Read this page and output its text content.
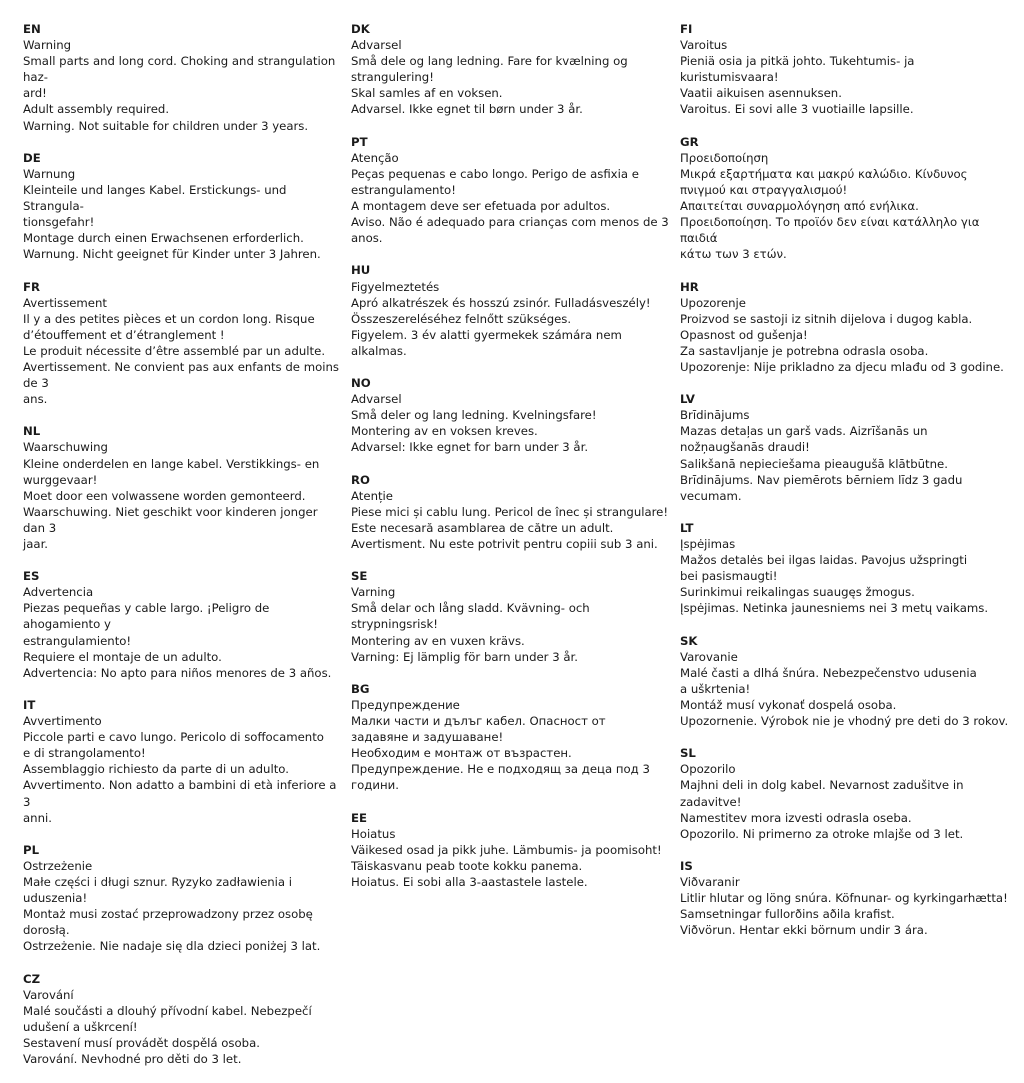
EN
Warning
Small parts and long cord. Choking and strangulation haz-
ard!
Adult assembly required.
Warning. Not suitable for children under 3 years.
DE
Warnung
Kleinteile und langes Kabel. Erstickungs- und Strangula-
tionsgefahr!
Montage durch einen Erwachsenen erforderlich.
Warnung. Nicht geeignet für Kinder unter 3 Jahren.
FR
Avertissement
Il y a des petites pièces et un cordon long. Risque
d’étouffement et d’étranglement !
Le produit nécessite d’être assemblé par un adulte.
Avertissement. Ne convient pas aux enfants de moins de 3
ans.
NL
Waarschuwing
Kleine onderdelen en lange kabel. Verstikkings- en
wurggevaar!
Moet door een volwassene worden gemonteerd.
Waarschuwing. Niet geschikt voor kinderen jonger dan 3
jaar.
ES
Advertencia
Piezas pequeñas y cable largo. ¡Peligro de ahogamiento y
estrangulamiento!
Requiere el montaje de un adulto.
Advertencia: No apto para niños menores de 3 años.
IT
Avvertimento
Piccole parti e cavo lungo. Pericolo di soffocamento
e di strangolamento!
Assemblaggio richiesto da parte di un adulto.
Avvertimento. Non adatto a bambini di età inferiore a 3
anni.
PL
Ostrzeżenie
Małe części i długi sznur. Ryzyko zadławienia i uduszenia!
Montaż musi zostać przeprowadzony przez osobę
dorosłą.
Ostrzeżenie. Nie nadaje się dla dzieci poniżej 3 lat.
CZ
Varování
Malé součásti a dlouhý přívodní kabel. Nebezpečí
udušení a uškrcení!
Sestavení musí provádět dospělá osoba.
Varování. Nevhodné pro děti do 3 let.
DK
Advarsel
Små dele og lang ledning. Fare for kvælning og
strangulering!
Skal samles af en voksen.
Advarsel. Ikke egnet til børn under 3 år.
PT
Atenção
Peças pequenas e cabo longo. Perigo de asfixia e
estrangulamento!
A montagem deve ser efetuada por adultos.
Aviso. Não é adequado para crianças com menos de 3
anos.
HU
Figyelmeztetés
Apró alkatrészek és hosszú zsinór. Fulladásveszély!
Összeszereléséhez felnőtt szükséges.
Figyelem. 3 év alatti gyermekek számára nem alkalmas.
NO
Advarsel
Små deler og lang ledning. Kvelningsfare!
Montering av en voksen kreves.
Advarsel: Ikke egnet for barn under 3 år.
RO
Atenție
Piese mici și cablu lung. Pericol de înec și strangulare!
Este necesară asamblarea de către un adult.
Avertisment. Nu este potrivit pentru copiii sub 3 ani.
SE
Varning
Små delar och lång sladd. Kvävning- och strypningsrisk!
Montering av en vuxen krävs.
Varning: Ej lämplig för barn under 3 år.
BG
Предупреждение
Малки части и дълъг кабел. Опасност от
задавяне и задушаване!
Необходим е монтаж от възрастен.
Предупреждение. Не е подходящ за деца под 3 години.
EE
Hoiatus
Väikesed osad ja pikk juhe. Lämbumis- ja poomisoht!
Täiskasvanu peab toote kokku panema.
Hoiatus. Ei sobi alla 3-aastastele lastele.
FI
Varoitus
Pieniä osia ja pitkä johto. Tukehtumis- ja kuristumisvaara!
Vaatii aikuisen asennuksen.
Varoitus. Ei sovi alle 3 vuotiaille lapsille.
GR
Προειδοποίηση
Μικρά εξαρτήματα και μακρύ καλώδιο. Κίνδυνος
πνιγμού και στραγγαλισμού!
Απαιτείται συναρμολόγηση από ενήλικα.
Προειδοποίηση. Το προϊόν δεν είναι κατάλληλο για παιδιά
κάτω των 3 ετών.
HR
Upozorenje
Proizvod se sastoji iz sitnih dijelova i dugog kabla.
Opasnost od gušenja!
Za sastavljanje je potrebna odrasla osoba.
Upozorenje: Nije prikladno za djecu mlađu od 3 godine.
LV
Brīdinājums
Mazas detaļas un garš vads. Aizrīšanās un
nožņaugšanās draudi!
Salikšanā nepieciešama pieaugušā klātbūtne.
Brīdinājums. Nav piemērots bērniem līdz 3 gadu vecumam.
LT
Įspėjimas
Mažos detalės bei ilgas laidas. Pavojus užspringti
bei pasismaugti!
Surinkimui reikalingas suaugęs žmogus.
Įspėjimas. Netinka jaunesniems nei 3 metų vaikams.
SK
Varovanie
Malé časti a dlhá šnúra. Nebezpečenstvo udusenia
a uškrtenia!
Montáž musí vykonať dospelá osoba.
Upozornenie. Výrobok nie je vhodný pre deti do 3 rokov.
SL
Opozorilo
Majhni deli in dolg kabel. Nevarnost zadušitve in
zadavitve!
Namestitev mora izvesti odrasla oseba.
Opozorilo. Ni primerno za otroke mlajše od 3 let.
IS
Viðvaranir
Litlir hlutar og löng snúra. Köfnunar- og kyrkingarhætta!
Samsetningar fullorðins aðila krafist.
Viðvörun. Hentar ekki börnum undir 3 ára.
